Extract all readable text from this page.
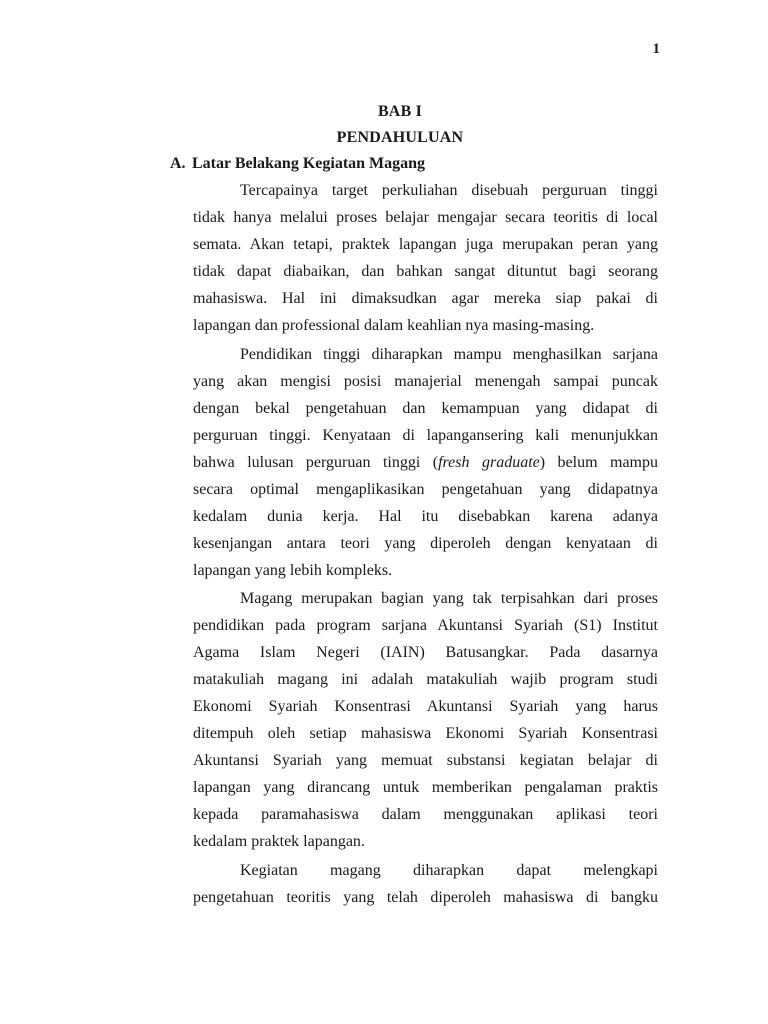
1
BAB I
PENDAHULUAN
A. Latar Belakang Kegiatan Magang
Tercapainya target perkuliahan disebuah perguruan tinggi
tidak hanya melalui proses belajar mengajar secara teoritis di local
semata. Akan tetapi, praktek lapangan juga merupakan peran yang
tidak dapat diabaikan, dan bahkan sangat dituntut bagi seorang
mahasiswa. Hal ini dimaksudkan agar mereka siap pakai di
lapangan dan professional dalam keahlian nya masing-masing.
Pendidikan tinggi diharapkan mampu menghasilkan sarjana
yang akan mengisi posisi manajerial menengah sampai puncak
dengan bekal pengetahuan dan kemampuan yang didapat di
perguruan tinggi. Kenyataan di lapangansering kali menunjukkan
bahwa lulusan perguruan tinggi (fresh graduate) belum mampu
secara optimal mengaplikasikan pengetahuan yang didapatnya
kedalam dunia kerja. Hal itu disebabkan karena adanya
kesenjangan antara teori yang diperoleh dengan kenyataan di
lapangan yang lebih kompleks.
Magang merupakan bagian yang tak terpisahkan dari proses
pendidikan pada program sarjana Akuntansi Syariah (S1) Institut
Agama Islam Negeri (IAIN) Batusangkar. Pada dasarnya
matakuliah magang ini adalah matakuliah wajib program studi
Ekonomi Syariah Konsentrasi Akuntansi Syariah yang harus
ditempuh oleh setiap mahasiswa Ekonomi Syariah Konsentrasi
Akuntansi Syariah yang memuat substansi kegiatan belajar di
lapangan yang dirancang untuk memberikan pengalaman praktis
kepada paramahasiswa dalam menggunakan aplikasi teori
kedalam praktek lapangan.
Kegiatan magang diharapkan dapat melengkapi
pengetahuan teoritis yang telah diperoleh mahasiswa di bangku
